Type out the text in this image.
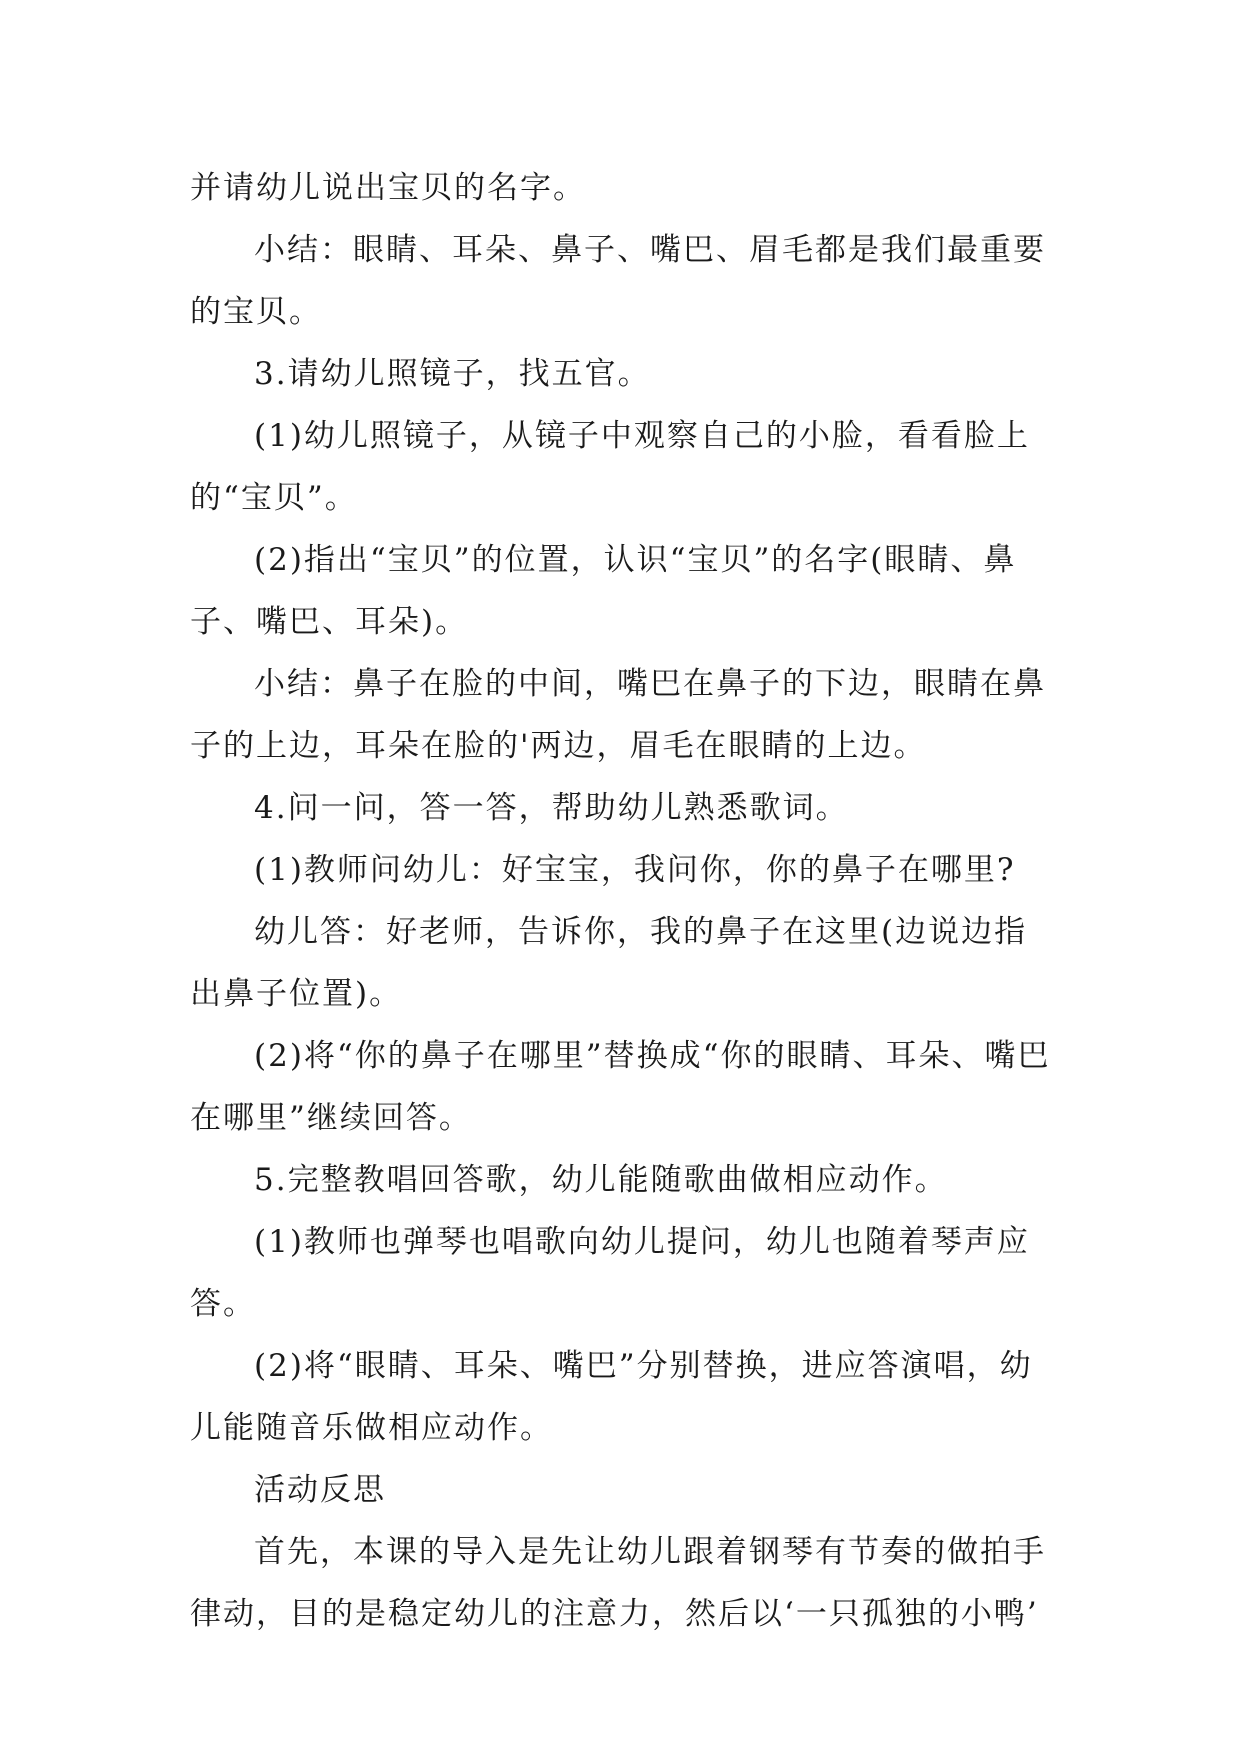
并请幼儿说出宝贝的名字。

小结：眼睛、耳朵、鼻子、嘴巴、眉毛都是我们最重要的宝贝。

3.请幼儿照镜子，找五官。

(1)幼儿照镜子，从镜子中观察自己的小脸，看看脸上的“宝贝”。

(2)指出“宝贝”的位置，认识“宝贝”的名字(眼睛、鼻子、嘴巴、耳朵)。

小结：鼻子在脸的中间，嘴巴在鼻子的下边，眼睛在鼻子的上边，耳朵在脸的'两边，眉毛在眼睛的上边。

4.问一问，答一答，帮助幼儿熟悉歌词。

(1)教师问幼儿：好宝宝，我问你，你的鼻子在哪里?

幼儿答：好老师，告诉你，我的鼻子在这里(边说边指出鼻子位置)。

(2)将“你的鼻子在哪里”替换成“你的眼睛、耳朵、嘴巴在哪里”继续回答。

5.完整教唱回答歌，幼儿能随歌曲做相应动作。

(1)教师也弹琴也唱歌向幼儿提问，幼儿也随着琴声应答。

(2)将“眼睛、耳朵、嘴巴”分别替换，进应答演唱，幼儿能随音乐做相应动作。

活动反思

首先，本课的导入是先让幼儿跟着钢琴有节奏的做拍手律动，目的是稳定幼儿的注意力，然后以‘一只孤独的小鸭’
